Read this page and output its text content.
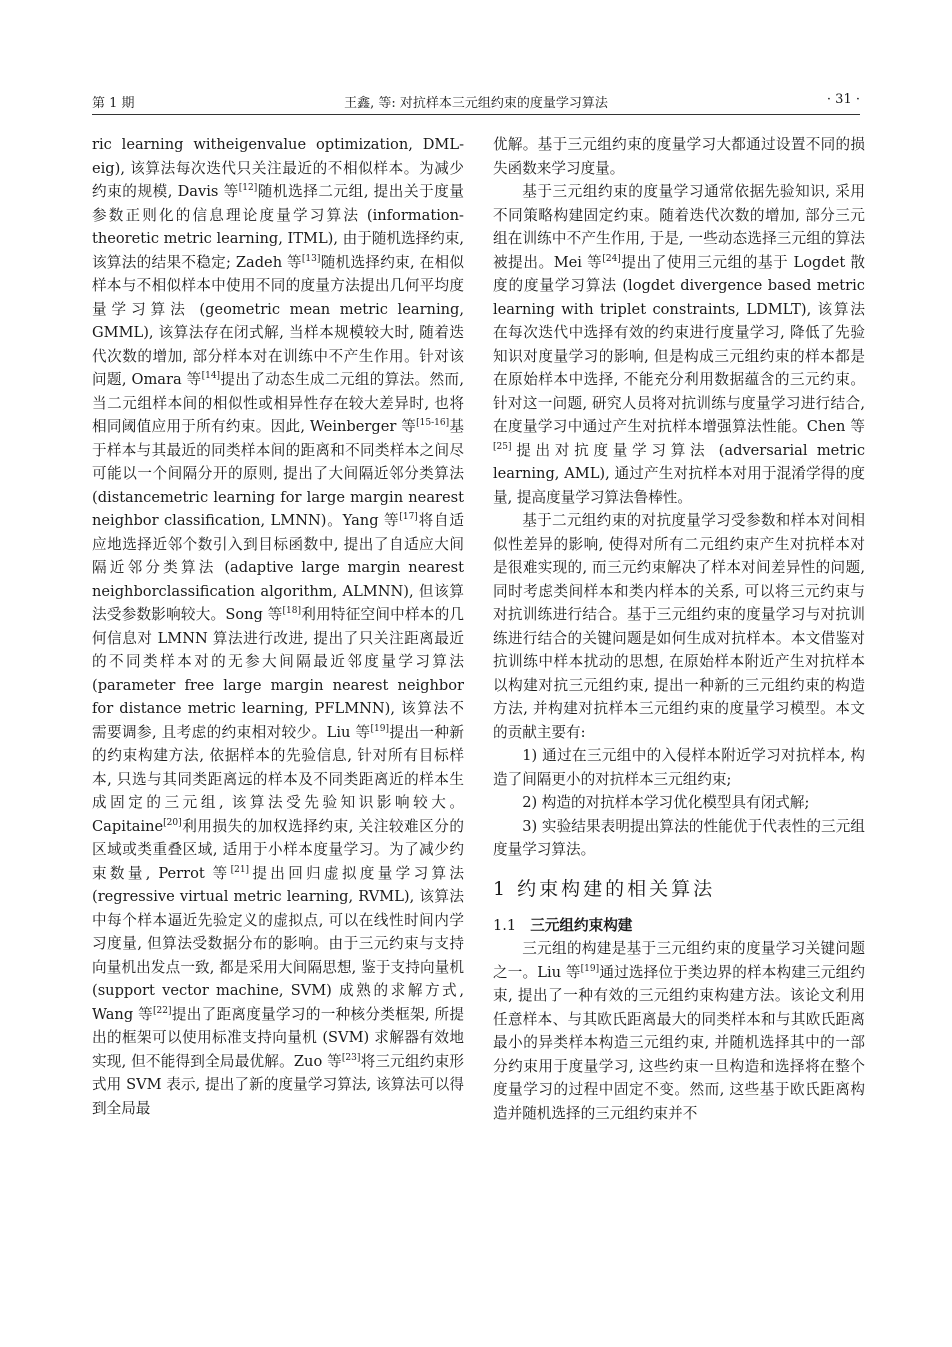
第 1 期	王鑫, 等: 对抗样本三元组约束的度量学习算法	· 31 ·

ric learning witheigenvalue optimization, DML-eig), 该算法每次迭代只关注最近的不相似样本。为减少约束的规模, Davis 等[12]随机选择二元组, 提出关于度量参数正则化的信息理论度量学习算法 (information-theoretic metric learning, ITML), 由于随机选择约束, 该算法的结果不稳定; Zadeh 等[13]随机选择约束, 在相似样本与不相似样本中使用不同的度量方法提出几何平均度量学习算法 (geometric mean metric learning, GMML), 该算法存在闭式解, 当样本规模较大时, 随着迭代次数的增加, 部分样本对在训练中不产生作用。针对该问题, Omara 等[14]提出了动态生成二元组的算法。然而, 当二元组样本间的相似性或相异性存在较大差异时, 也将相同阈值应用于所有约束。因此, Weinberger 等[15-16]基于样本与其最近的同类样本间的距离和不同类样本之间尽可能以一个间隔分开的原则, 提出了大间隔近邻分类算法 (distancemetric learning for large margin nearest neighbor classification, LMNN)。Yang 等[17]将自适应地选择近邻个数引入到目标函数中, 提出了自适应大间隔近邻分类算法 (adaptive large margin nearest neighborclassification algorithm, ALMNN), 但该算法受参数影响较大。Song 等[18]利用特征空间中样本的几何信息对 LMNN 算法进行改进, 提出了只关注距离最近的不同类样本对的无参大间隔最近邻度量学习算法 (parameter free large margin nearest neighbor for distance metric learning, PFLMNN), 该算法不需要调参, 且考虑的约束相对较少。Liu 等[19]提出一种新的约束构建方法, 依据样本的先验信息, 针对所有目标样本, 只选与其同类距离远的样本及不同类距离近的样本生成固定的三元组, 该算法受先验知识影响较大。Capitaine[20]利用损失的加权选择约束, 关注较难区分的区域或类重叠区域, 适用于小样本度量学习。为了减少约束数量, Perrot 等[21]提出回归虚拟度量学习算法 (regressive virtual metric learning, RVML), 该算法中每个样本逼近先验定义的虚拟点, 可以在线性时间内学习度量, 但算法受数据分布的影响。由于三元约束与支持向量机出发点一致, 都是采用大间隔思想, 鉴于支持向量机 (support vector machine, SVM) 成熟的求解方式, Wang 等[22]提出了距离度量学习的一种核分类框架, 所提出的框架可以使用标准支持向量机 (SVM) 求解器有效地实现, 但不能得到全局最优解。Zuo 等[23]将三元组约束形式用 SVM 表示, 提出了新的度量学习算法, 该算法可以得到全局最

优解。基于三元组约束的度量学习大都通过设置不同的损失函数来学习度量。

基于三元组约束的度量学习通常依据先验知识, 采用不同策略构建固定约束。随着迭代次数的增加, 部分三元组在训练中不产生作用, 于是, 一些动态选择三元组的算法被提出。Mei 等[24]提出了使用三元组的基于 Logdet 散度的度量学习算法 (logdet divergence based metric learning with triplet constraints, LDMLT), 该算法在每次迭代中选择有效的约束进行度量学习, 降低了先验知识对度量学习的影响, 但是构成三元组约束的样本都是在原始样本中选择, 不能充分利用数据蕴含的三元约束。针对这一问题, 研究人员将对抗训练与度量学习进行结合, 在度量学习中通过产生对抗样本增强算法性能。Chen 等[25]提出对抗度量学习算法 (adversarial metric learning, AML), 通过产生对抗样本对用于混淆学得的度量, 提高度量学习算法鲁棒性。

基于二元组约束的对抗度量学习受参数和样本对间相似性差异的影响, 使得对所有二元组约束产生对抗样本对是很难实现的, 而三元约束解决了样本对间差异性的问题, 同时考虑类间样本和类内样本的关系, 可以将三元约束与对抗训练进行结合。基于三元组约束的度量学习与对抗训练进行结合的关键问题是如何生成对抗样本。本文借鉴对抗训练中样本扰动的思想, 在原始样本附近产生对抗样本以构建对抗三元组约束, 提出一种新的三元组约束的构造方法, 并构建对抗样本三元组约束的度量学习模型。本文的贡献主要有:

1) 通过在三元组中的入侵样本附近学习对抗样本, 构造了间隔更小的对抗样本三元组约束;

2) 构造的对抗样本学习优化模型具有闭式解;

3) 实验结果表明提出算法的性能优于代表性的三元组度量学习算法。

1 约束构建的相关算法
1.1 三元组约束构建

三元组的构建是基于三元组约束的度量学习关键问题之一。Liu 等[19]通过选择位于类边界的样本构建三元组约束, 提出了一种有效的三元组约束构建方法。该论文利用任意样本、与其欧氏距离最大的同类样本和与其欧氏距离最小的异类样本构造三元组约束, 并随机选择其中的一部分约束用于度量学习, 这些约束一旦构造和选择将在整个度量学习的过程中固定不变。然而, 这些基于欧氏距离构造并随机选择的三元组约束并不
